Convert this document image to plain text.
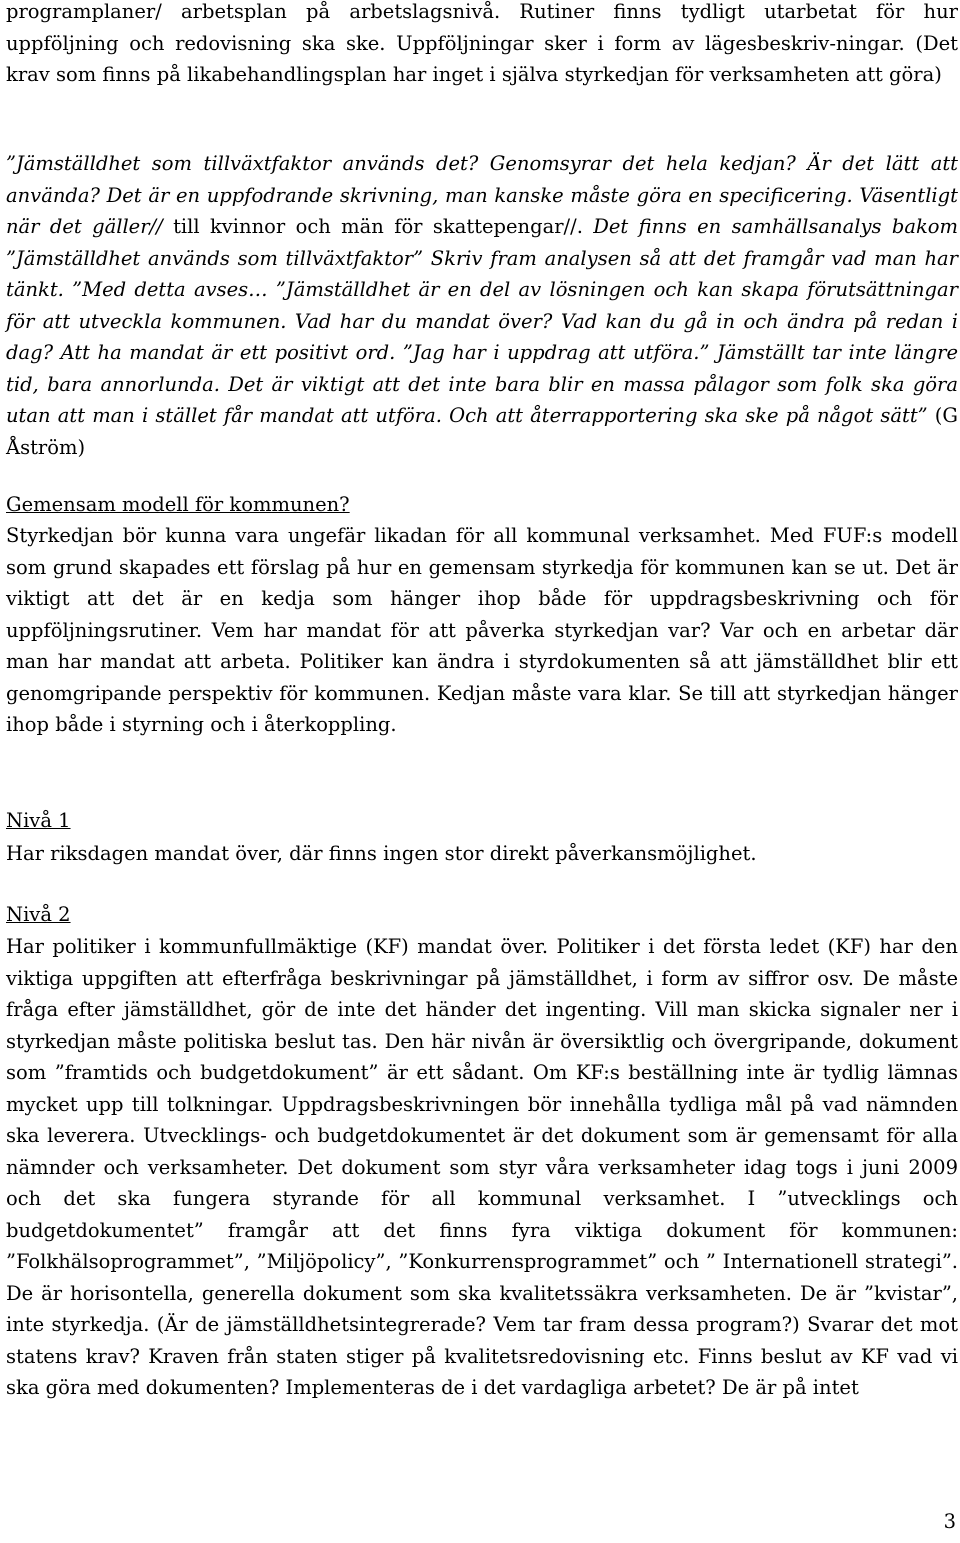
programplaner/ arbetsplan på arbetslagsnivå. Rutiner finns tydligt utarbetat för hur uppföljning och redovisning ska ske. Uppföljningar sker i form av lägesbeskriv-ningar. (Det krav som finns på likabehandlingsplan har inget i själva styrkedjan för verksamheten att göra)

”Jämställdhet som tillväxtfaktor används det? Genomsyrar det hela kedjan? Är det lätt att använda? Det är en uppfodrande skrivning, man kanske måste göra en specificering. Väsentligt när det gäller// till kvinnor och män för skattepengar//. Det finns en samhällsanalys bakom ”Jämställdhet används som tillväxtfaktor” Skriv fram analysen så att det framgår vad man har tänkt. ”Med detta avses… ”Jämställdhet är en del av lösningen och kan skapa förutsättningar för att utveckla kommunen. Vad har du mandat över? Vad kan du gå in och ändra på redan i dag? Att ha mandat är ett positivt ord. ”Jag har i uppdrag att utföra.” Jämställt tar inte längre tid, bara annorlunda. Det är viktigt att det inte bara blir en massa pålagor som folk ska göra utan att man i stället får mandat att utföra. Och att återrapportering ska ske på något sätt” (G Åström)

Gemensam modell för kommunen?

Styrkedjan bör kunna vara ungefär likadan för all kommunal verksamhet. Med FUF:s modell som grund skapades ett förslag på hur en gemensam styrkedja för kommunen kan se ut. Det är viktigt att det är en kedja som hänger ihop både för uppdragsbeskrivning och för uppföljningsrutiner. Vem har mandat för att påverka styrkedjan var? Var och en arbetar där man har mandat att arbeta. Politiker kan ändra i styrdokumenten så att jämställdhet blir ett genomgripande perspektiv för kommunen. Kedjan måste vara klar. Se till att styrkedjan hänger ihop både i styrning och i återkoppling.

Nivå 1

Har riksdagen mandat över, där finns ingen stor direkt påverkansmöjlighet.

Nivå 2

Har politiker i kommunfullmäktige (KF) mandat över. Politiker i det första ledet (KF) har den viktiga uppgiften att efterfråga beskrivningar på jämställdhet, i form av siffror osv. De måste fråga efter jämställdhet, gör de inte det händer det ingenting. Vill man skicka signaler ner i styrkedjan måste politiska beslut tas. Den här nivån är översiktlig och övergripande, dokument som ”framtids och budgetdokument” är ett sådant. Om KF:s beställning inte är tydlig lämnas mycket upp till tolkningar. Uppdragsbeskrivningen bör innehålla tydliga mål på vad nämnden ska leverera. Utvecklings- och budgetdokumentet är det dokument som är gemensamt för alla nämnder och verksamheter. Det dokument som styr våra verksamheter idag togs i juni 2009 och det ska fungera styrande för all kommunal verksamhet. I ”utvecklings och budgetdokumentet” framgår att det finns fyra viktiga dokument för kommunen: ”Folkhälsoprogrammet”, ”Miljöpolicy”, ”Konkurrensprogrammet” och ” Internationell strategi”. De är horisontella, generella dokument som ska kvalitetssäkra verksamheten. De är ”kvistar”, inte styrkedja. (Är de jämställdhetsintegrerade? Vem tar fram dessa program?) Svarar det mot statens krav? Kraven från staten stiger på kvalitetsredovisning etc. Finns beslut av KF vad vi ska göra med dokumenten? Implementeras de i det vardagliga arbetet? De är på intet

3
